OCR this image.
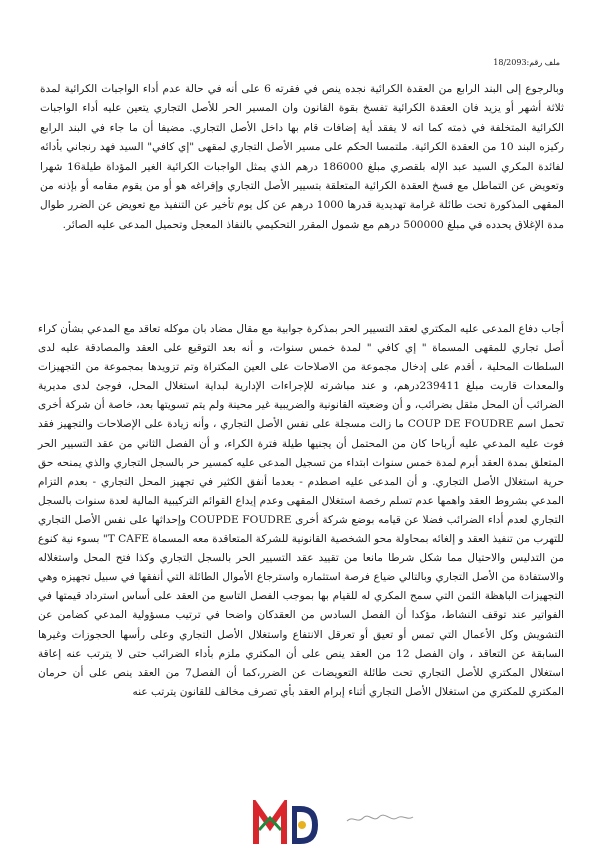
ملف رقم:18/2093

وبالرجوع إلى البند الرابع من العقدة الكرائية نجده ينص في فقرته 6 على أنه في حالة عدم أداء الواجبات الكرائية لمدة ثلاثة أشهر أو يزيد فان العقدة الكرائية تفسخ بقوة القانون وان المسير الحر للأصل التجاري يتعين عليه أداء الواجبات الكرائية المتخلفة في ذمته كما انه لا يفقد أية إضافات قام بها داخل الأصل التجاري. مضيفا أن ما جاء في البند الرابع ركيزه البند 10 من العقدة الكرائية. ملتمسا الحكم على مسير الأصل التجاري لمقهى "إي كافي" السيد فهد رنجاني بأدائه لفائدة المكري السيد عبد الإله بلقصري مبلغ 186000 درهم الذي يمثل الواجبات الكرائية الغير المؤداة طيلة16 شهرا وتعويض عن التماطل مع فسخ العقدة الكرائية المتعلقة بتسيير الأصل التجاري وإفراغه هو أو من يقوم مقامه أو بإذنه من المقهى المذكورة تحت طائلة غرامة تهديدية قدرها 1000 درهم عن كل يوم تأخير عن التنفيذ مع تعويض عن الضرر طوال مدة الإغلاق يحدده في مبلغ 500000 درهم مع شمول المقرر التحكيمي بالنفاذ المعجل وتحميل المدعى عليه الصائر.

أجاب دفاع المدعى عليه المكتري لعقد التسيير الحر بمذكرة جوابية مع مقال مضاد بان موكله تعاقد مع المدعي بشأن كراء أصل تجاري للمقهى المسماة " إي كافي " لمدة خمس سنوات، و أنه بعد التوقيع على العقد والمصادقة عليه لدى السلطات المحلية ، أقدم على إدخال مجموعة من الاصلاحات على العين المكتراة وتم تزويدها بمجموعة من التجهيزات والمعدات قاربت مبلغ 239411درهم، و عند مباشرته للإجراءات الإدارية لبداية استغلال المحل، فوجئ لدى مديرية الضرائب أن المحل مثقل بضرائب، و أن وضعيته القانونية والضريبية غير محينة ولم يتم تسويتها بعد، خاصة أن شركة أخرى تحمل اسم COUP DE FOUDRE ما زالت مسجلة على نفس الأصل التجاري ، وأنه زيادة على الإصلاحات والتجهيز فقد فوت عليه المدعي عليه أرباحا كان من المحتمل أن يجنيها طيلة فترة الكراء، و أن الفصل الثاني من عقد التسيير الحر المتعلق بمدة العقد أبرم لمدة خمس سنوات ابتداء من تسجيل المدعى عليه كمسير حر بالسجل التجاري والذي يمنحه حق حرية استغلال الأصل التجاري. و أن المدعى عليه اصطدم - بعدما أنفق الكثير في تجهيز المحل التجاري - بعدم التزام المدعي بشروط العقد واهمها عدم تسلم رخصة استغلال المقهى وعدم إيداع القوائم التركيبية المالية لعدة سنوات بالسجل التجاري لعدم أداء الضرائب فضلا عن قيامه بوضع شركة أخرى COUPDE FOUDRE وإحداثها على نفس الأصل التجاري للتهرب من تنفيذ العقد و إلغائه بمحاولة محو الشخصية القانونية للشركة المتعاقدة معه المسماة T CAFE" بسوء نية كنوع من التدليس والاحتيال مما شكل شرطا مانعا من تقييد عقد التسيير الحر بالسجل التجاري وكذا فتح المحل واستغلاله والاستفادة من الأصل التجاري وبالتالي ضياع فرصة استثماره واسترجاع الأموال الطائلة التي أنفقها في سبيل تجهيزه وهي التجهيزات الباهظة الثمن التي سمح المكري له للقيام بها بموجب الفصل التاسع من العقد على أساس استرداد قيمتها في الفواتير عند توقف النشاط، مؤكدا أن الفصل السادس من العقدكان واضحا في ترتيب مسؤولية المدعي كضامن عن التشويش وكل الأعمال التي تمس أو تعيق أو تعرقل الانتفاع واستغلال الأصل التجاري وعلى رأسها الحجوزات وغيرها السابقة عن التعاقد ، وان الفصل 12 من العقد ينص على أن المكتري ملزم بأداء الضرائب حتى لا يترتب عنه إعاقة استغلال المكتري للأصل التجاري تحت طائلة التعويضات عن الضرر،كما أن الفصل7 من العقد ينص على أن حرمان المكتري للمكتري من استغلال الأصل التجاري أثناء إبرام العقد بأي تصرف مخالف للقانون يترتب عنه
